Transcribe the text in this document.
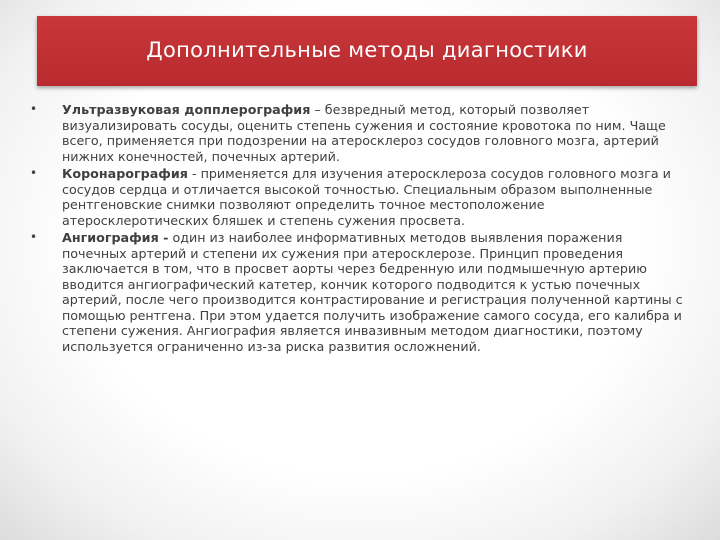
Дополнительные методы диагностики
• Ультразвуковая допплерография – безвредный метод, который позволяет визуализировать сосуды, оценить степень сужения и состояние кровотока по ним. Чаще всего, применяется при подозрении на атеросклероз сосудов головного мозга, артерий нижних конечностей, почечных артерий.
• Коронарография - применяется для изучения атеросклероза сосудов головного мозга и сосудов сердца и отличается высокой точностью. Специальным образом выполненные рентгеновские снимки позволяют определить точное местоположение атеросклеротических бляшек и степень сужения просвета.
• Ангиография - один из наиболее информативных методов выявления поражения почечных артерий и степени их сужения при атеросклерозе. Принцип проведения заключается в том, что в просвет аорты через бедренную или подмышечную артерию вводится ангиографический катетер, кончик которого подводится к устью почечных артерий, после чего производится контрастирование и регистрация полученной картины с помощью рентгена. При этом удается получить изображение самого сосуда, его калибра и степени сужения. Ангиография является инвазивным методом диагностики, поэтому используется ограниченно из-за риска развития осложнений.
